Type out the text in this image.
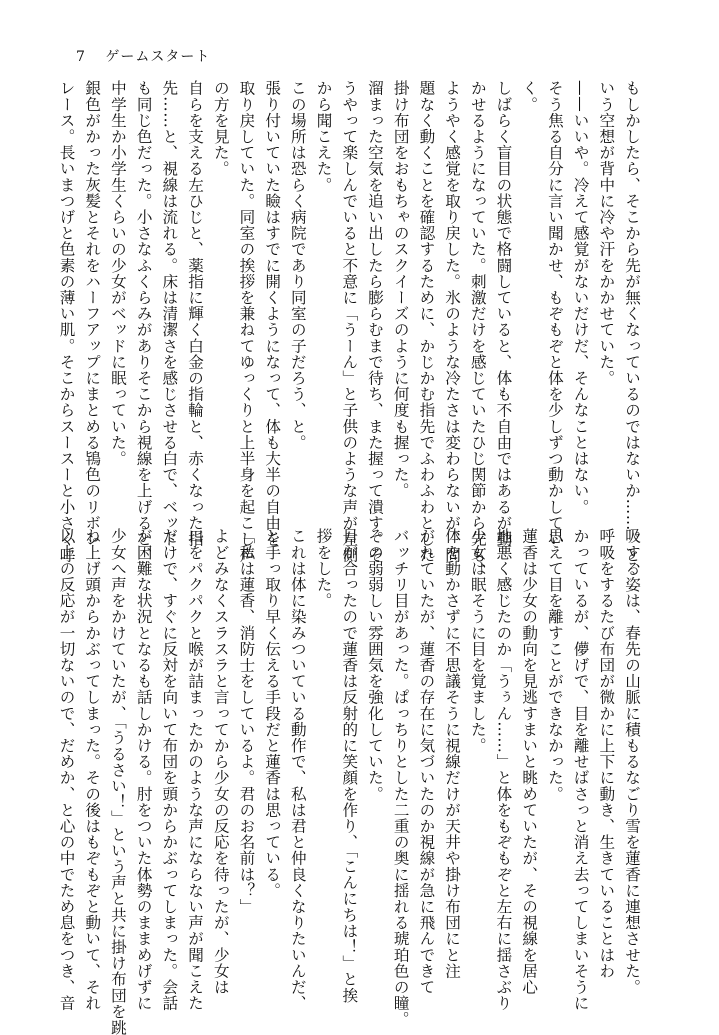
7 ゲームスタート

もしかしたら、そこから先が無くなっているのではないか……。と、

いう空想が背中に冷や汗をかかせていた。

——いいや。冷えて感覚がないだけだ、そんなことはない。

そう焦る自分に言い聞かせ、もぞもぞと体を少しずつ動かしてい

く。

しばらく盲目の状態で格闘していると、体も不自由ではあるが動

かせるようになっていた。刺激だけを感じていたひじ関節から先も、

ようやく感覚を取り戻した。氷のような冷たさは変わらないが、問

題なく動くことを確認するために、かじかむ指先でふわふわとした

掛け布団をおもちゃのスクイーズのように何度も握った。

溜まった空気を追い出したら膨らむまで待ち、また握って潰す。そ

うやって楽しんでいると不意に「うーん」と子供のような声が左側

から聞こえた。

この場所は恐らく病院であり同室の子だろう、と。

張り付いていた瞼はすでに開くようになって、体も大半の自由を

取り戻していた。同室の挨拶を兼ねてゆっくりと上半身を起こし声

の方を見た。

自らを支える左ひじと、薬指に輝く白金の指輪と、赤くなった指

先……と、視線は流れる。床は清潔さを感じさせる白で、ベッド

も同じ色だった。小さなふくらみがありそこから視線を上げると、

中学生か小学生くらいの少女がベッドに眠っていた。

銀色がかった灰髪とそれをハーフアップにまとめる鴇色のリボン

レース。長いまつげと色素の薄い肌。そこからスースーと小さく呼

吸する姿は、春先の山脈に積もるなごり雪を蓮香に連想させた。

呼吸をするたび布団が微かに上下に動き、生きていることはわ

かっているが、儚げで、目を離せばさっと消え去ってしまいそうに

思えて目を離すことができなかった。

蓮香は少女の動向を見逃すまいと眺めていたが、その視線を居心

地悪く感じたのか「うぅん……」と体をもぞもぞと左右に揺さぶり

少女は眠そうに目を覚ました。

体を動かさずに不思議そうに視線だけが天井や掛け布団にと注

がれていたが、蓮香の存在に気づいたのか視線が急に飛んできて

バッチリ目があった。ぱっちりとした二重の奥に揺れる琥珀色の瞳。

その弱弱しい雰囲気を強化していた。

目が合ったので蓮香は反射的に笑顔を作り、「こんにちは！」と挨

拶をした。

これは体に染みついている動作で、私は君と仲良くなりたいんだ、

と手っ取り早く伝える手段だと蓮香は思っている。

「私は蓮香、消防士をしているよ。君のお名前は？」

よどみなくスラスラと言ってから少女の反応を待ったが、少女は

口をパクパクと喉が詰まったかのような声にならない声が聞こえた

だけで、すぐに反対を向いて布団を頭からかぶってしまった。会話

が困難な状況となるも話しかける。肘をついた体勢のままめげずに

少女へ声をかけていたが、「うるさい！」という声と共に掛け布団を跳

ね上げ頭からかぶってしまった。その後はもぞもぞと動いて、それ

以上の反応が一切ないので、だめか、と心の中でため息をつき、音
